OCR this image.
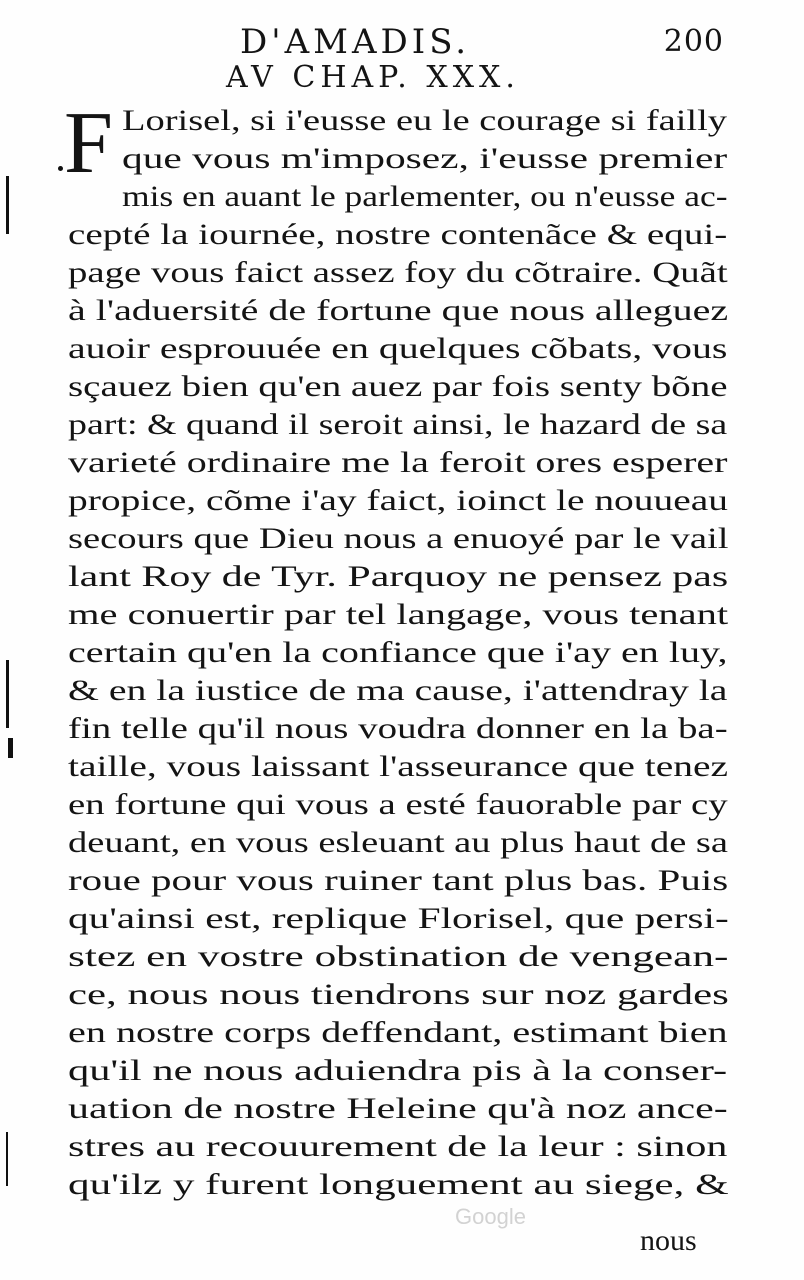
D'AMADIS.	200
AV CHAP. XXX.
F Lorisel, si i'eusse eu le courage si failly
que vous m'imposez, i'eusse premier
mis en auant le parlementer, ou n'eusse ac-
cepté la iournée, nostre contenãce & equi-
page vous faict assez foy du cõtraire. Quãt
à l'aduersité de fortune que nous alleguez
auoir esprouuée en quelques cõbats, vous
sçauez bien qu'en auez par fois senty bõne
part: & quand il seroit ainsi, le hazard de sa
varieté ordinaire me la feroit ores esperer
propice, cõme i'ay faict, ioinct le nouueau
secours que Dieu nous a enuoyé par le vail
lant Roy de Tyr. Parquoy ne pensez pas
me conuertir par tel langage, vous tenant
certain qu'en la confiance que i'ay en luy,
& en la iustice de ma cause, i'attendray la
fin telle qu'il nous voudra donner en la ba-
taille, vous laissant l'asseurance que tenez
en fortune qui vous a esté fauorable par cy
deuant, en vous esleuant au plus haut de sa
roue pour vous ruiner tant plus bas. Puis
qu'ainsi est, replique Florisel, que persi-
stez en vostre obstination de vengean-
ce, nous nous tiendrons sur noz gardes
en nostre corps deffendant, estimant bien
qu'il ne nous aduiendra pis à la conser-
uation de nostre Heleine qu'à noz ance-
stres au recouurement de la leur : sinon
qu'ilz y furent longuement au siege, &
Google
nous
